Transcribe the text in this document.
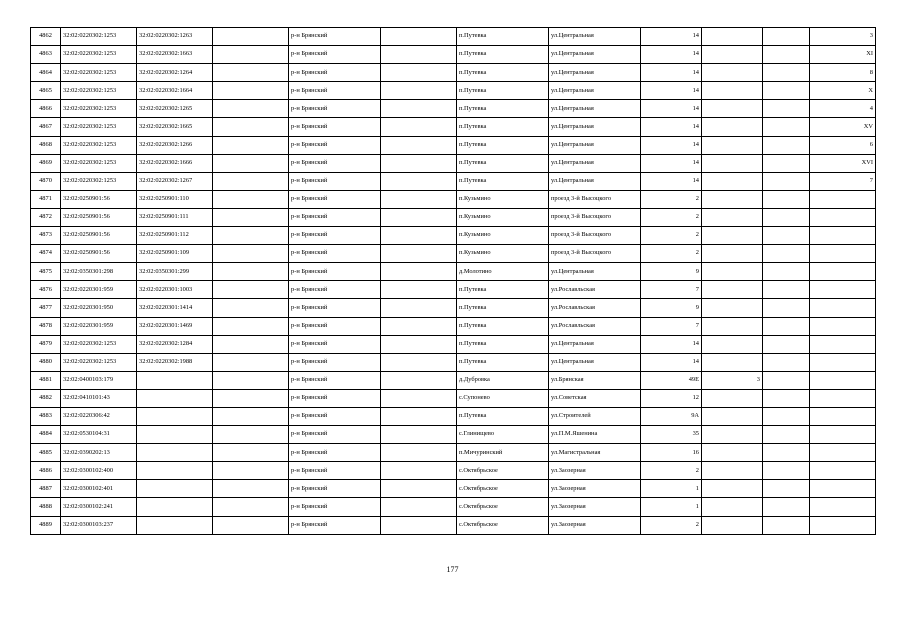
4862	32:02:0220302:1253	32:02:0220302:1263		р-н Брянский		п.Путевка	ул.Центральная	14			3
4863	32:02:0220302:1253	32:02:0220302:1663		р-н Брянский		п.Путевка	ул.Центральная	14			XI
4864	32:02:0220302:1253	32:02:0220302:1264		р-н Брянский		п.Путевка	ул.Центральная	14			8
4865	32:02:0220302:1253	32:02:0220302:1664		р-н Брянский		п.Путевка	ул.Центральная	14			X
4866	32:02:0220302:1253	32:02:0220302:1265		р-н Брянский		п.Путевка	ул.Центральная	14			4
4867	32:02:0220302:1253	32:02:0220302:1665		р-н Брянский		п.Путевка	ул.Центральная	14			XV
4868	32:02:0220302:1253	32:02:0220302:1266		р-н Брянский		п.Путевка	ул.Центральная	14			6
4869	32:02:0220302:1253	32:02:0220302:1666		р-н Брянский		п.Путевка	ул.Центральная	14			XVI
4870	32:02:0220302:1253	32:02:0220302:1267		р-н Брянский		п.Путевка	ул.Центральная	14			7
4871	32:02:0250901:56	32:02:0250901:110		р-н Брянский		п.Кузьмино	проезд 3-й Высоцкого	2			
4872	32:02:0250901:56	32:02:0250901:111		р-н Брянский		п.Кузьмино	проезд 3-й Высоцкого	2			
4873	32:02:0250901:56	32:02:0250901:112		р-н Брянский		п.Кузьмино	проезд 3-й Высоцкого	2			
4874	32:02:0250901:56	32:02:0250901:109		р-н Брянский		п.Кузьмино	проезд 3-й Высоцкого	2			
4875	32:02:0350301:298	32:02:0350301:299		р-н Брянский		д.Молотино	ул.Центральная	9			
4876	32:02:0220301:959	32:02:0220301:1003		р-н Брянский		п.Путевка	ул.Рославльская	7			
4877	32:02:0220301:950	32:02:0220301:1414		р-н Брянский		п.Путевка	ул.Рославльская	9			
4878	32:02:0220301:959	32:02:0220301:1469		р-н Брянский		п.Путевка	ул.Рославльская	7			
4879	32:02:0220302:1253	32:02:0220302:1284		р-н Брянский		п.Путевка	ул.Центральная	14			
4880	32:02:0220302:1253	32:02:0220302:1988		р-н Брянский		п.Путевка	ул.Центральная	14			
4881	32:02:0400103:179			р-н Брянский		д.Дубровка	ул.Брянская	49Е	3		
4882	32:02:0410101:43			р-н Брянский		с.Супонево	ул.Советская	12			
4883	32:02:0220306:42			р-н Брянский		п.Путевка	ул.Строителей	9А			
4884	32:02:0530104:31			р-н Брянский		с.Глинищево	ул.П.М.Яшенина	35			
4885	32:02:0390202:13			р-н Брянский		п.Мичуринский	ул.Магистральная	16			
4886	32:02:0300102:400			р-н Брянский		с.Октябрьское	ул.Заозерная	2			
4887	32:02:0300102:401			р-н Брянский		с.Октябрьское	ул.Заозерная	1			
4888	32:02:0300102:241			р-н Брянский		с.Октябрьское	ул.Заозерная	1			
4889	32:02:0300103:237			р-н Брянский		с.Октябрьское	ул.Заозерная	2			
177
